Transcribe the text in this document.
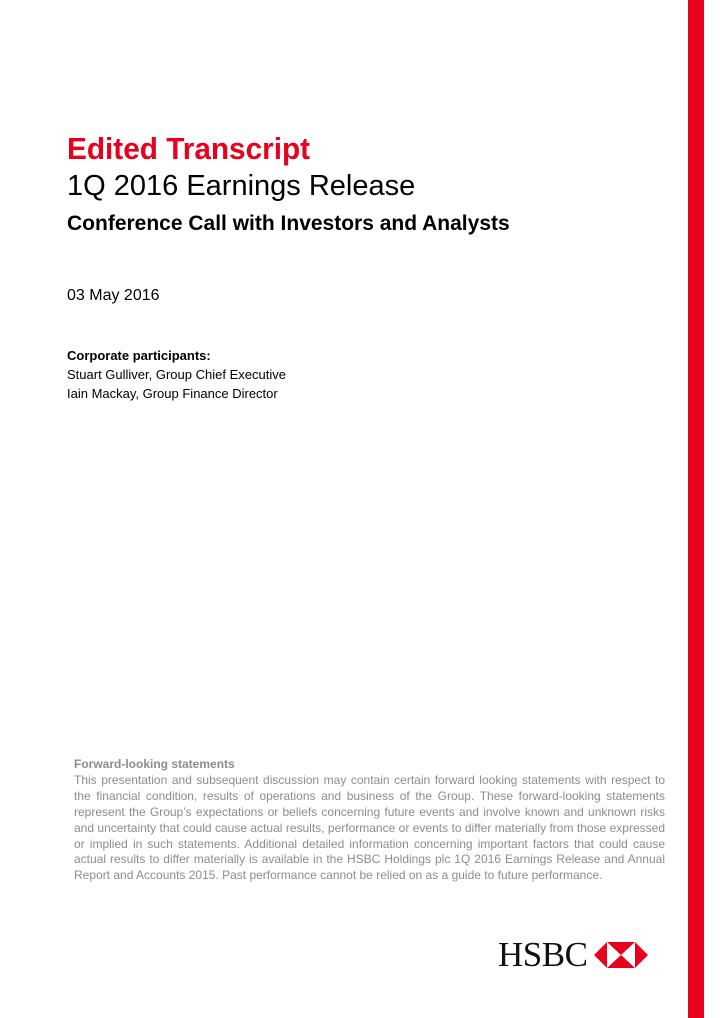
Edited Transcript
1Q 2016 Earnings Release
Conference Call with Investors and Analysts
03 May 2016
Corporate participants:
Stuart Gulliver, Group Chief Executive
Iain Mackay, Group Finance Director
Forward-looking statements
This presentation and subsequent discussion may contain certain forward looking statements with respect to the financial condition, results of operations and business of the Group. These forward-looking statements represent the Group’s expectations or beliefs concerning future events and involve known and unknown risks and uncertainty that could cause actual results, performance or events to differ materially from those expressed or implied in such statements. Additional detailed information concerning important factors that could cause actual results to differ materially is available in the HSBC Holdings plc 1Q 2016 Earnings Release and Annual Report and Accounts 2015. Past performance cannot be relied on as a guide to future performance.
HSBC
